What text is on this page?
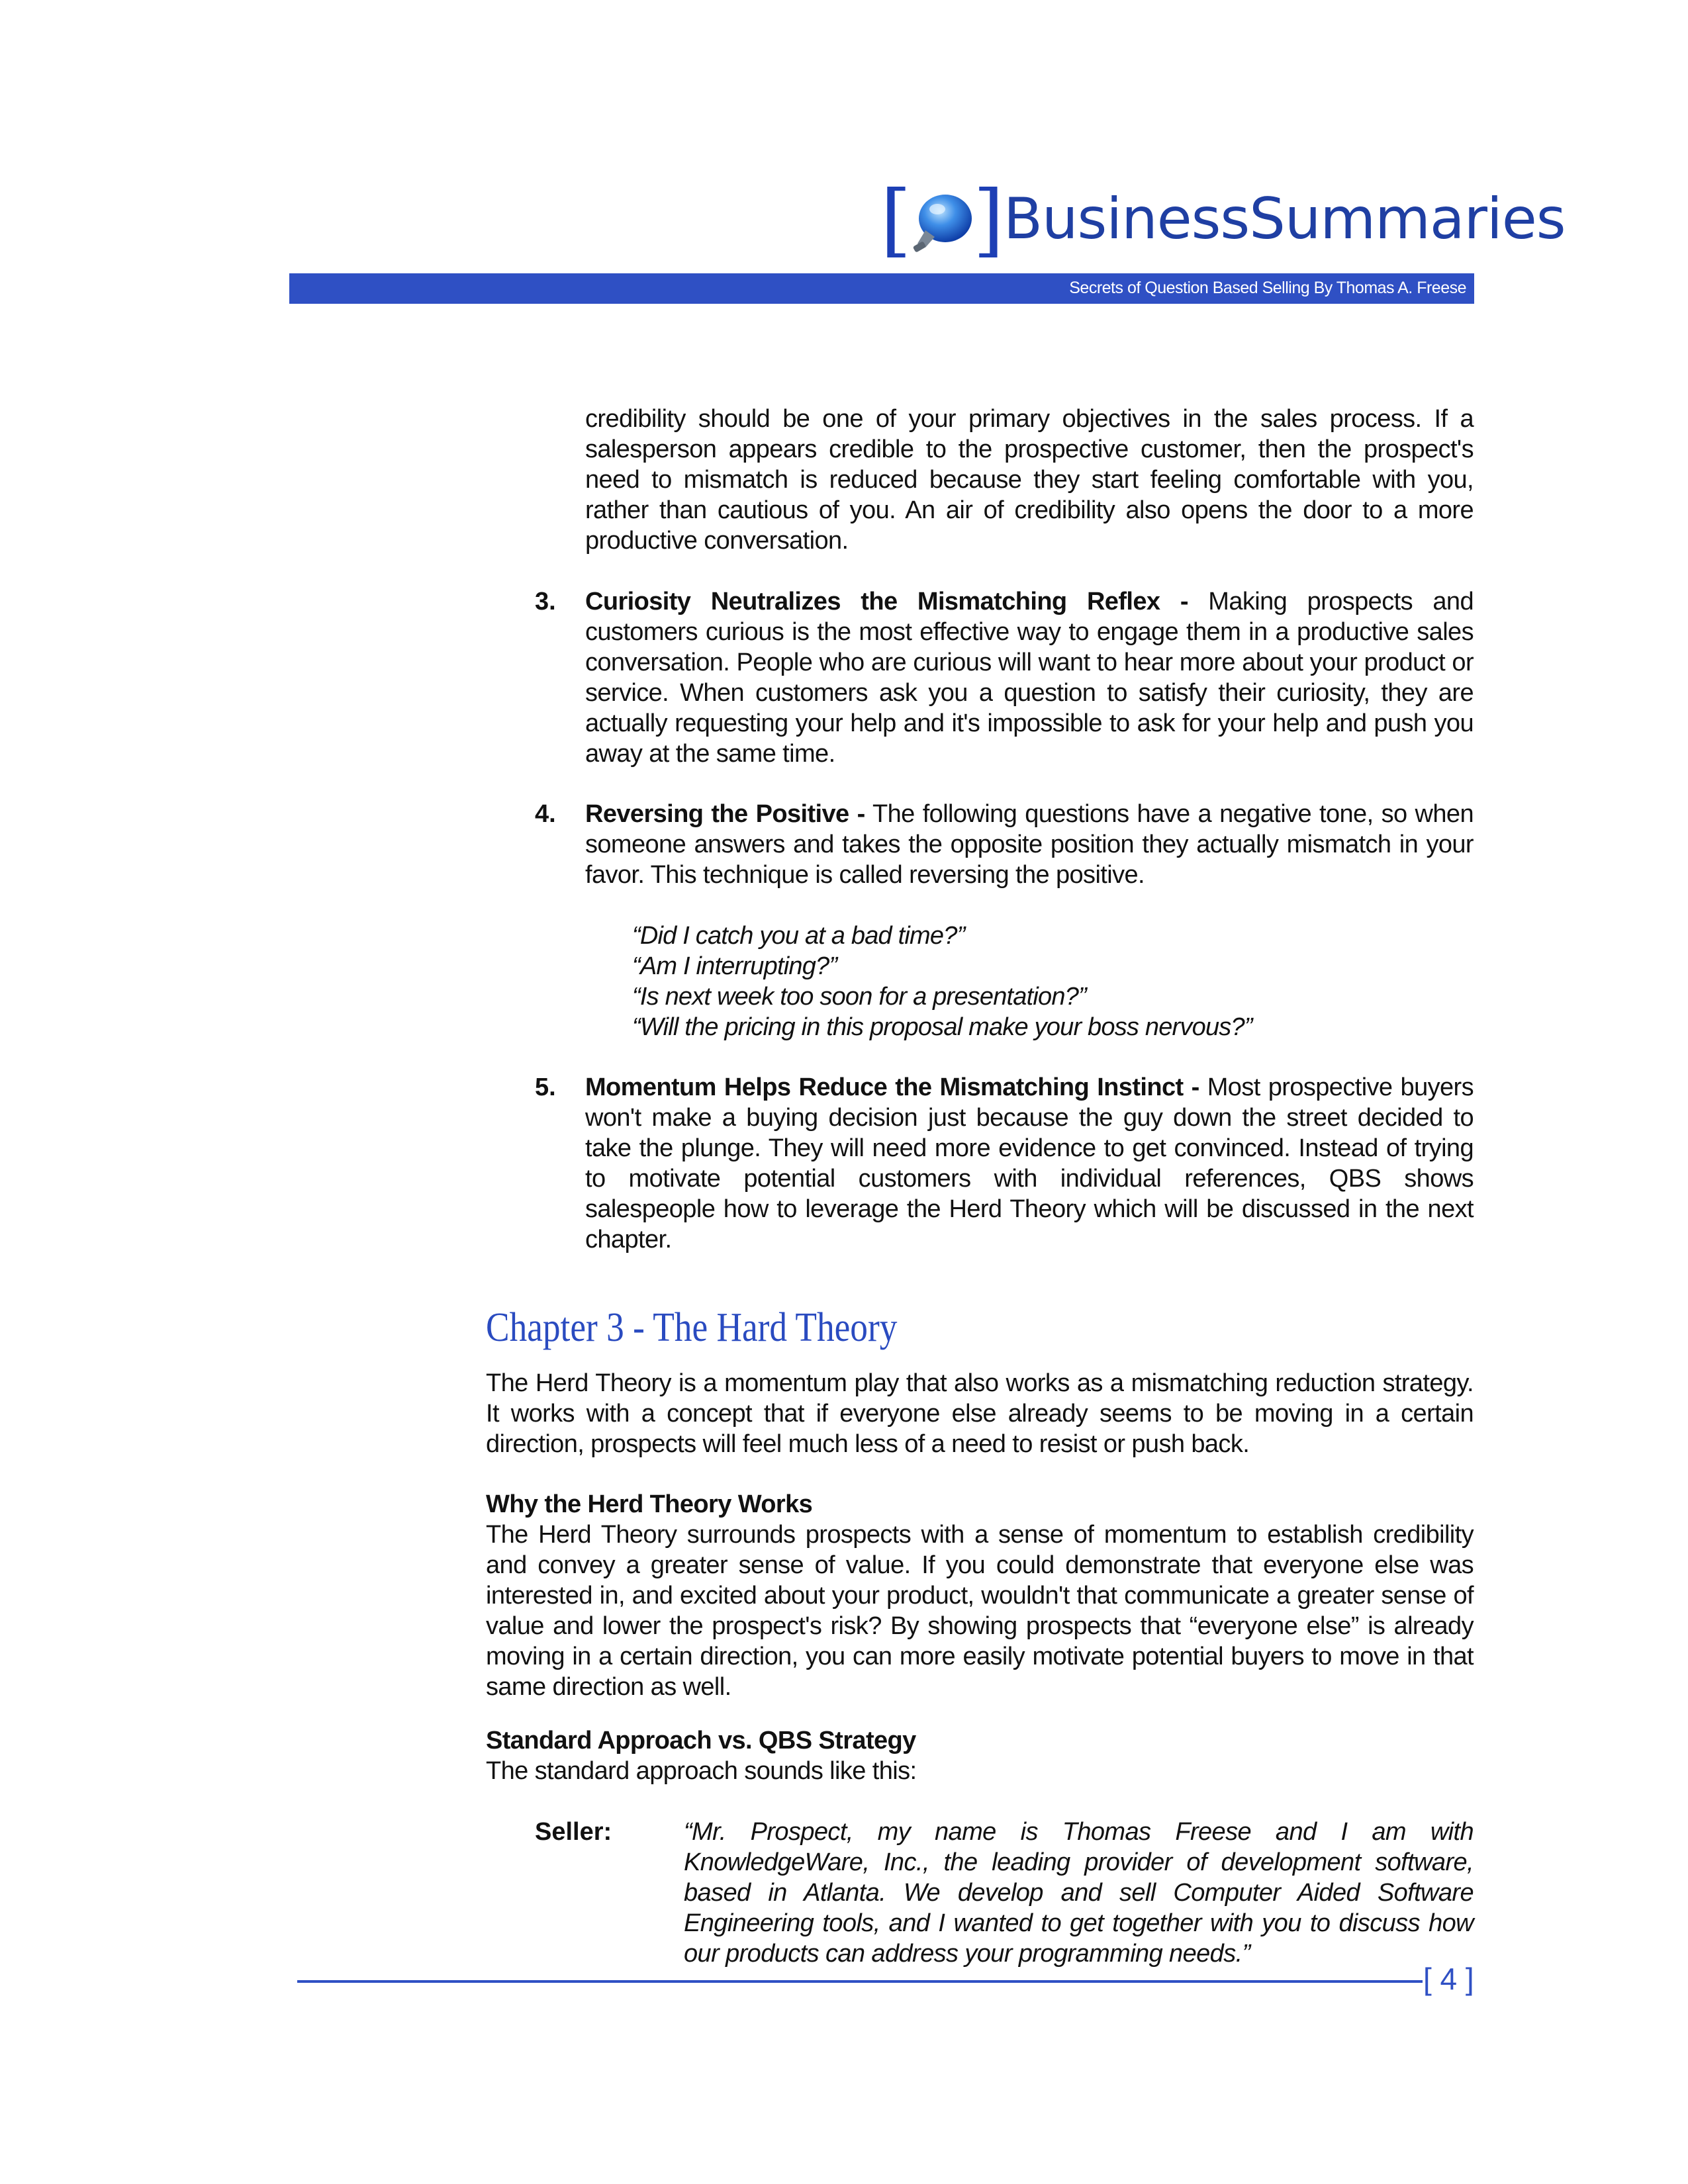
[ ] BusinessSummaries
Secrets of Question Based Selling By Thomas A. Freese
credibility should be one of your primary objectives in the sales process. If a salesperson appears credible to the prospective customer, then the prospect's need to mismatch is reduced because they start feeling comfortable with you, rather than cautious of you. An air of credibility also opens the door to a more productive conversation.
3. Curiosity Neutralizes the Mismatching Reflex - Making prospects and customers curious is the most effective way to engage them in a productive sales conversation. People who are curious will want to hear more about your product or service. When customers ask you a question to satisfy their curiosity, they are actually requesting your help and it's impossible to ask for your help and push you away at the same time.
4. Reversing the Positive - The following questions have a negative tone, so when someone answers and takes the opposite position they actually mismatch in your favor. This technique is called reversing the positive.
“Did I catch you at a bad time?”
“Am I interrupting?”
“Is next week too soon for a presentation?”
“Will the pricing in this proposal make your boss nervous?”
5. Momentum Helps Reduce the Mismatching Instinct - Most prospective buyers won't make a buying decision just because the guy down the street decided to take the plunge. They will need more evidence to get convinced. Instead of trying to motivate potential customers with individual references, QBS shows salespeople how to leverage the Herd Theory which will be discussed in the next chapter.
Chapter 3 - The Hard Theory
The Herd Theory is a momentum play that also works as a mismatching reduction strategy. It works with a concept that if everyone else already seems to be moving in a certain direction, prospects will feel much less of a need to resist or push back.
Why the Herd Theory Works
The Herd Theory surrounds prospects with a sense of momentum to establish credibility and convey a greater sense of value. If you could demonstrate that everyone else was interested in, and excited about your product, wouldn't that communicate a greater sense of value and lower the prospect's risk? By showing prospects that “everyone else” is already moving in a certain direction, you can more easily motivate potential buyers to move in that same direction as well.
Standard Approach vs. QBS Strategy
The standard approach sounds like this:
Seller:	“Mr. Prospect, my name is Thomas Freese and I am with KnowledgeWare, Inc., the leading provider of development software, based in Atlanta. We develop and sell Computer Aided Software Engineering tools, and I wanted to get together with you to discuss how our products can address your programming needs.”
[ 4 ]
